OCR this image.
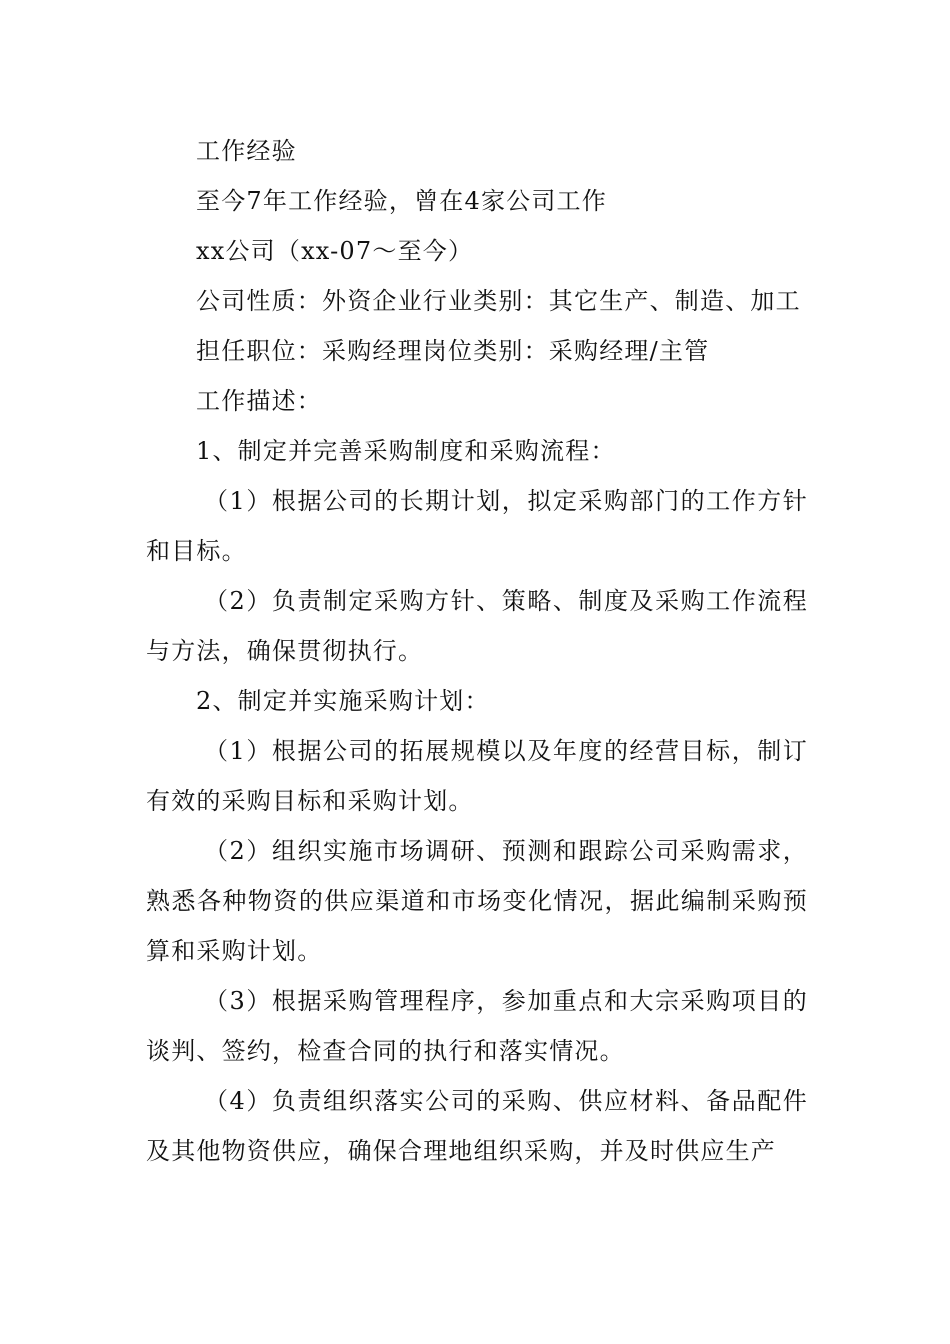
工作经验

至今7年工作经验，曾在4家公司工作

xx公司（xx-07～至今）

公司性质：外资企业行业类别：其它生产、制造、加工

担任职位：采购经理岗位类别：采购经理/主管

工作描述：

1、制定并完善采购制度和采购流程：

（1）根据公司的长期计划，拟定采购部门的工作方针和目标。

（2）负责制定采购方针、策略、制度及采购工作流程与方法，确保贯彻执行。

2、制定并实施采购计划：

（1）根据公司的拓展规模以及年度的经营目标，制订有效的采购目标和采购计划。

（2）组织实施市场调研、预测和跟踪公司采购需求，熟悉各种物资的供应渠道和市场变化情况，据此编制采购预算和采购计划。

（3）根据采购管理程序，参加重点和大宗采购项目的谈判、签约，检查合同的执行和落实情况。

（4）负责组织落实公司的采购、供应材料、备品配件及其他物资供应，确保合理地组织采购，并及时供应生产
